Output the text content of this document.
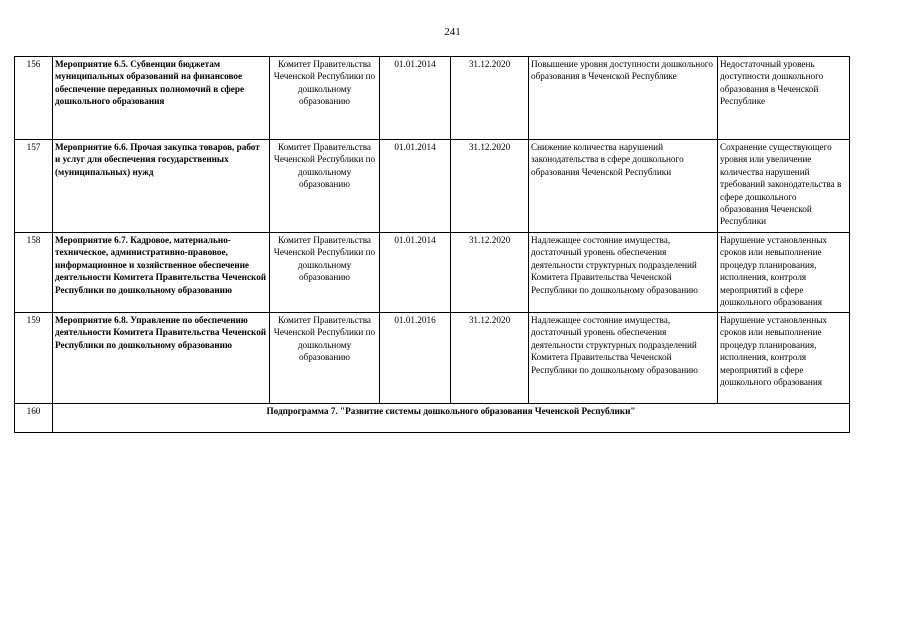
241
156	Мероприятие 6.5. Субвенции бюджетам муниципальных образований на финансовое обеспечение переданных полномочий в сфере дошкольного образования	Комитет Правительства Чеченской Республики по дошкольному образованию	01.01.2014	31.12.2020	Повышение уровня доступности дошкольного образования в Чеченской Республике	Недостаточный уровень доступности дошкольного образования в Чеченской Республике
157	Мероприятие 6.6. Прочая закупка товаров, работ и услуг для обеспечения государственных (муниципальных) нужд	Комитет Правительства Чеченской Республики по дошкольному образованию	01.01.2014	31.12.2020	Снижение количества нарушений законодательства в сфере дошкольного образования Чеченской Республики	Сохранение существующего уровня или увеличение количества нарушений требований законодательства в сфере дошкольного образования Чеченской Республики
158	Мероприятие 6.7. Кадровое, материально-техническое, административно-правовое, информационное и хозяйственное обеспечение деятельности Комитета Правительства Чеченской Республики по дошкольному образованию	Комитет Правительства Чеченской Республики по дошкольному образованию	01.01.2014	31.12.2020	Надлежащее состояние имущества, достаточный уровень обеспечения деятельности структурных подразделений Комитета Правительства Чеченской Республики по дошкольному образованию	Нарушение установленных сроков или невыполнение процедур планирования, исполнения, контроля мероприятий в сфере дошкольного образования
159	Мероприятие 6.8. Управление по обеспечению деятельности Комитета Правительства Чеченской Республики по дошкольному образованию	Комитет Правительства Чеченской Республики по дошкольному образованию	01.01.2016	31.12.2020	Надлежащее состояние имущества, достаточный уровень обеспечения деятельности структурных подразделений Комитета Правительства Чеченской Республики по дошкольному образованию	Нарушение установленных сроков или невыполнение процедур планирования, исполнения, контроля мероприятий в сфере дошкольного образования
160	Подпрограмма 7. "Развитие системы дошкольного образования Чеченской Республики"					
